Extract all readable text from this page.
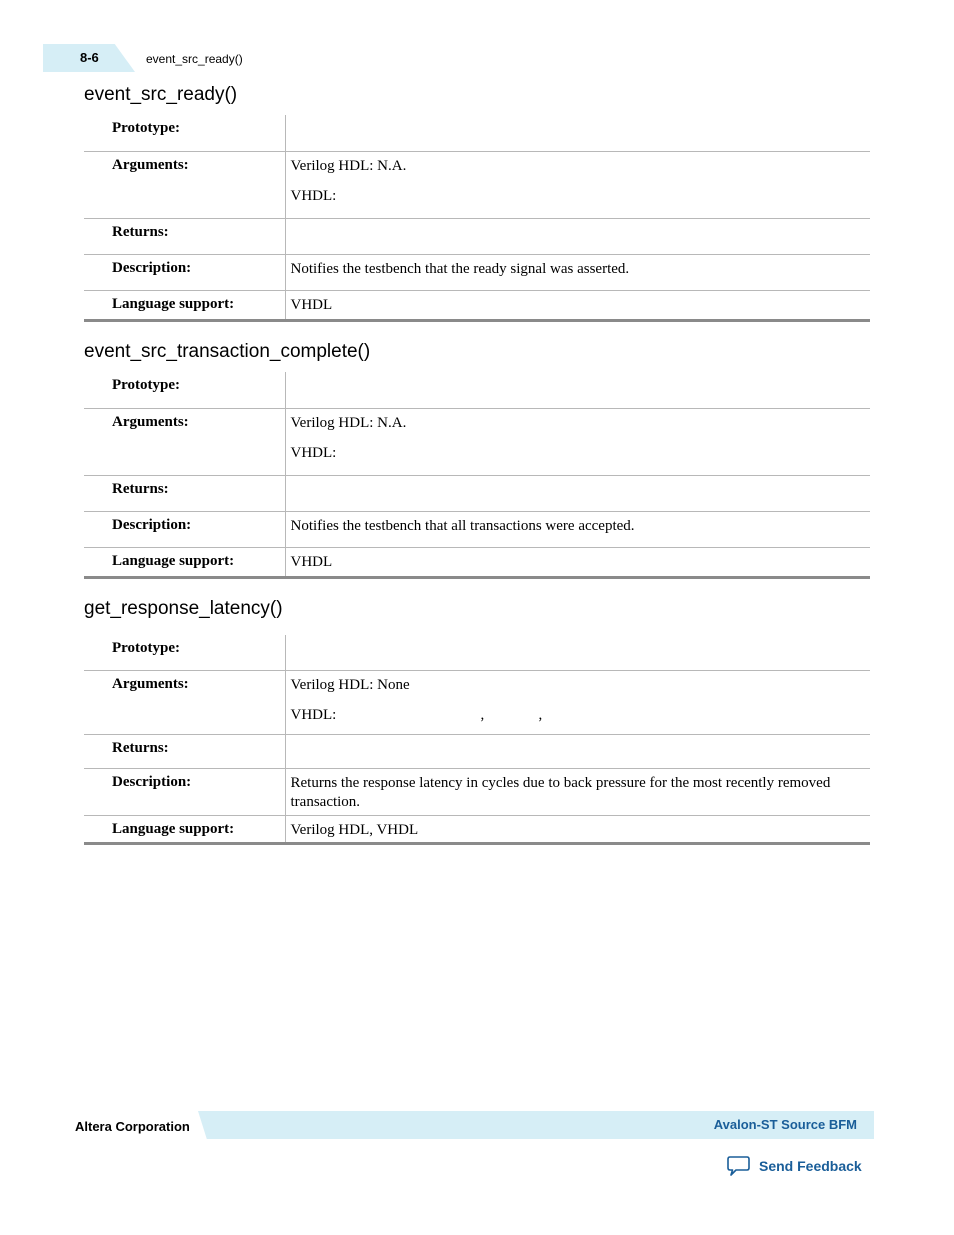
8-6	event_src_ready()
event_src_ready()
Prototype:	

Arguments:	Verilog HDL: N.A.
VHDL:

Returns:	

Description:	Notifies the testbench that the ready signal was asserted.

Language support:	VHDL
event_src_transaction_complete()
Prototype:	

Arguments:	Verilog HDL: N.A.
VHDL:

Returns:	

Description:	Notifies the testbench that all transactions were accepted.

Language support:	VHDL
get_response_latency()
Prototype:	

Arguments:	Verilog HDL: None
VHDL: , ,

Returns:	

Description:	Returns the response latency in cycles due to back pressure for the most recently removed transaction.

Language support:	Verilog HDL, VHDL
Altera Corporation	Avalon-ST Source BFM
Send Feedback
